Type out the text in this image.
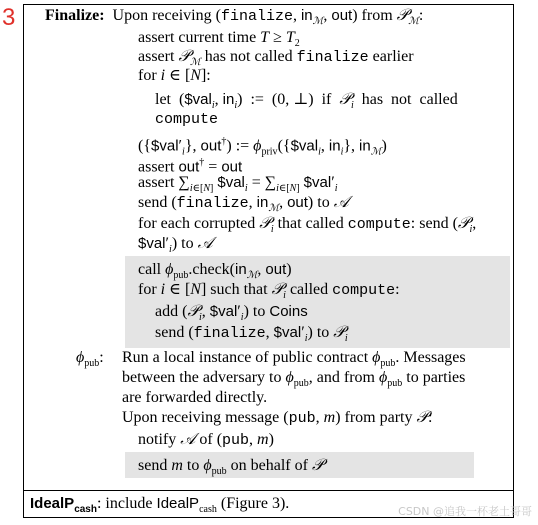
3 Finalize:  Upon receiving (finalize, $in_ℳ$, out) from 𝒫$_ℳ$:
assert current time $T \ge T_2$
assert 𝒫$_ℳ$ has not called finalize earlier
for i ∈ [N]:
let  ($val$_i$, $in_i$)  :=  (0, ⊥)  if  𝒫$_i$  has  not  called
compute
($\{\$val'_i\}$, out†) := $\phi_{priv}(\{\$val_i$, $in_i$}, $in_ℳ$)
assert out† = out
assert $\sum_{i\in[N]}$ $val$_i$ = $\sum_{i\in[N]}$ $\$val'_i$
send (finalize, $in_ℳ$, out) to 𝒜
for each corrupted 𝒫$_i$ that called compute: send (𝒫$_i$,
$\$val'_i$) to 𝒜
call $\phi_{pub}.check(in_ℳ$, out)
for i ∈ [N] such that 𝒫$_i$ called compute:
add (𝒫$_i$, $\$val'_i$) to Coins
send (finalize, $\$val'_i$) to 𝒫$_i$
$\phi_{pub}$: Run a local instance of public contract $\phi_{pub}$. Messages
between the adversary to $\phi_{pub}$, and from $\phi_{pub}$ to parties
are forwarded directly.
Upon receiving message (pub, m) from party 𝒫:
notify 𝒜 of (pub, m)
send m to $\phi_{pub}$ on behalf of 𝒫
IdealP$_{cash}$: include IdealP$_{cash}$ (Figure 3).	CSDN @追我一杯老土哥哥
